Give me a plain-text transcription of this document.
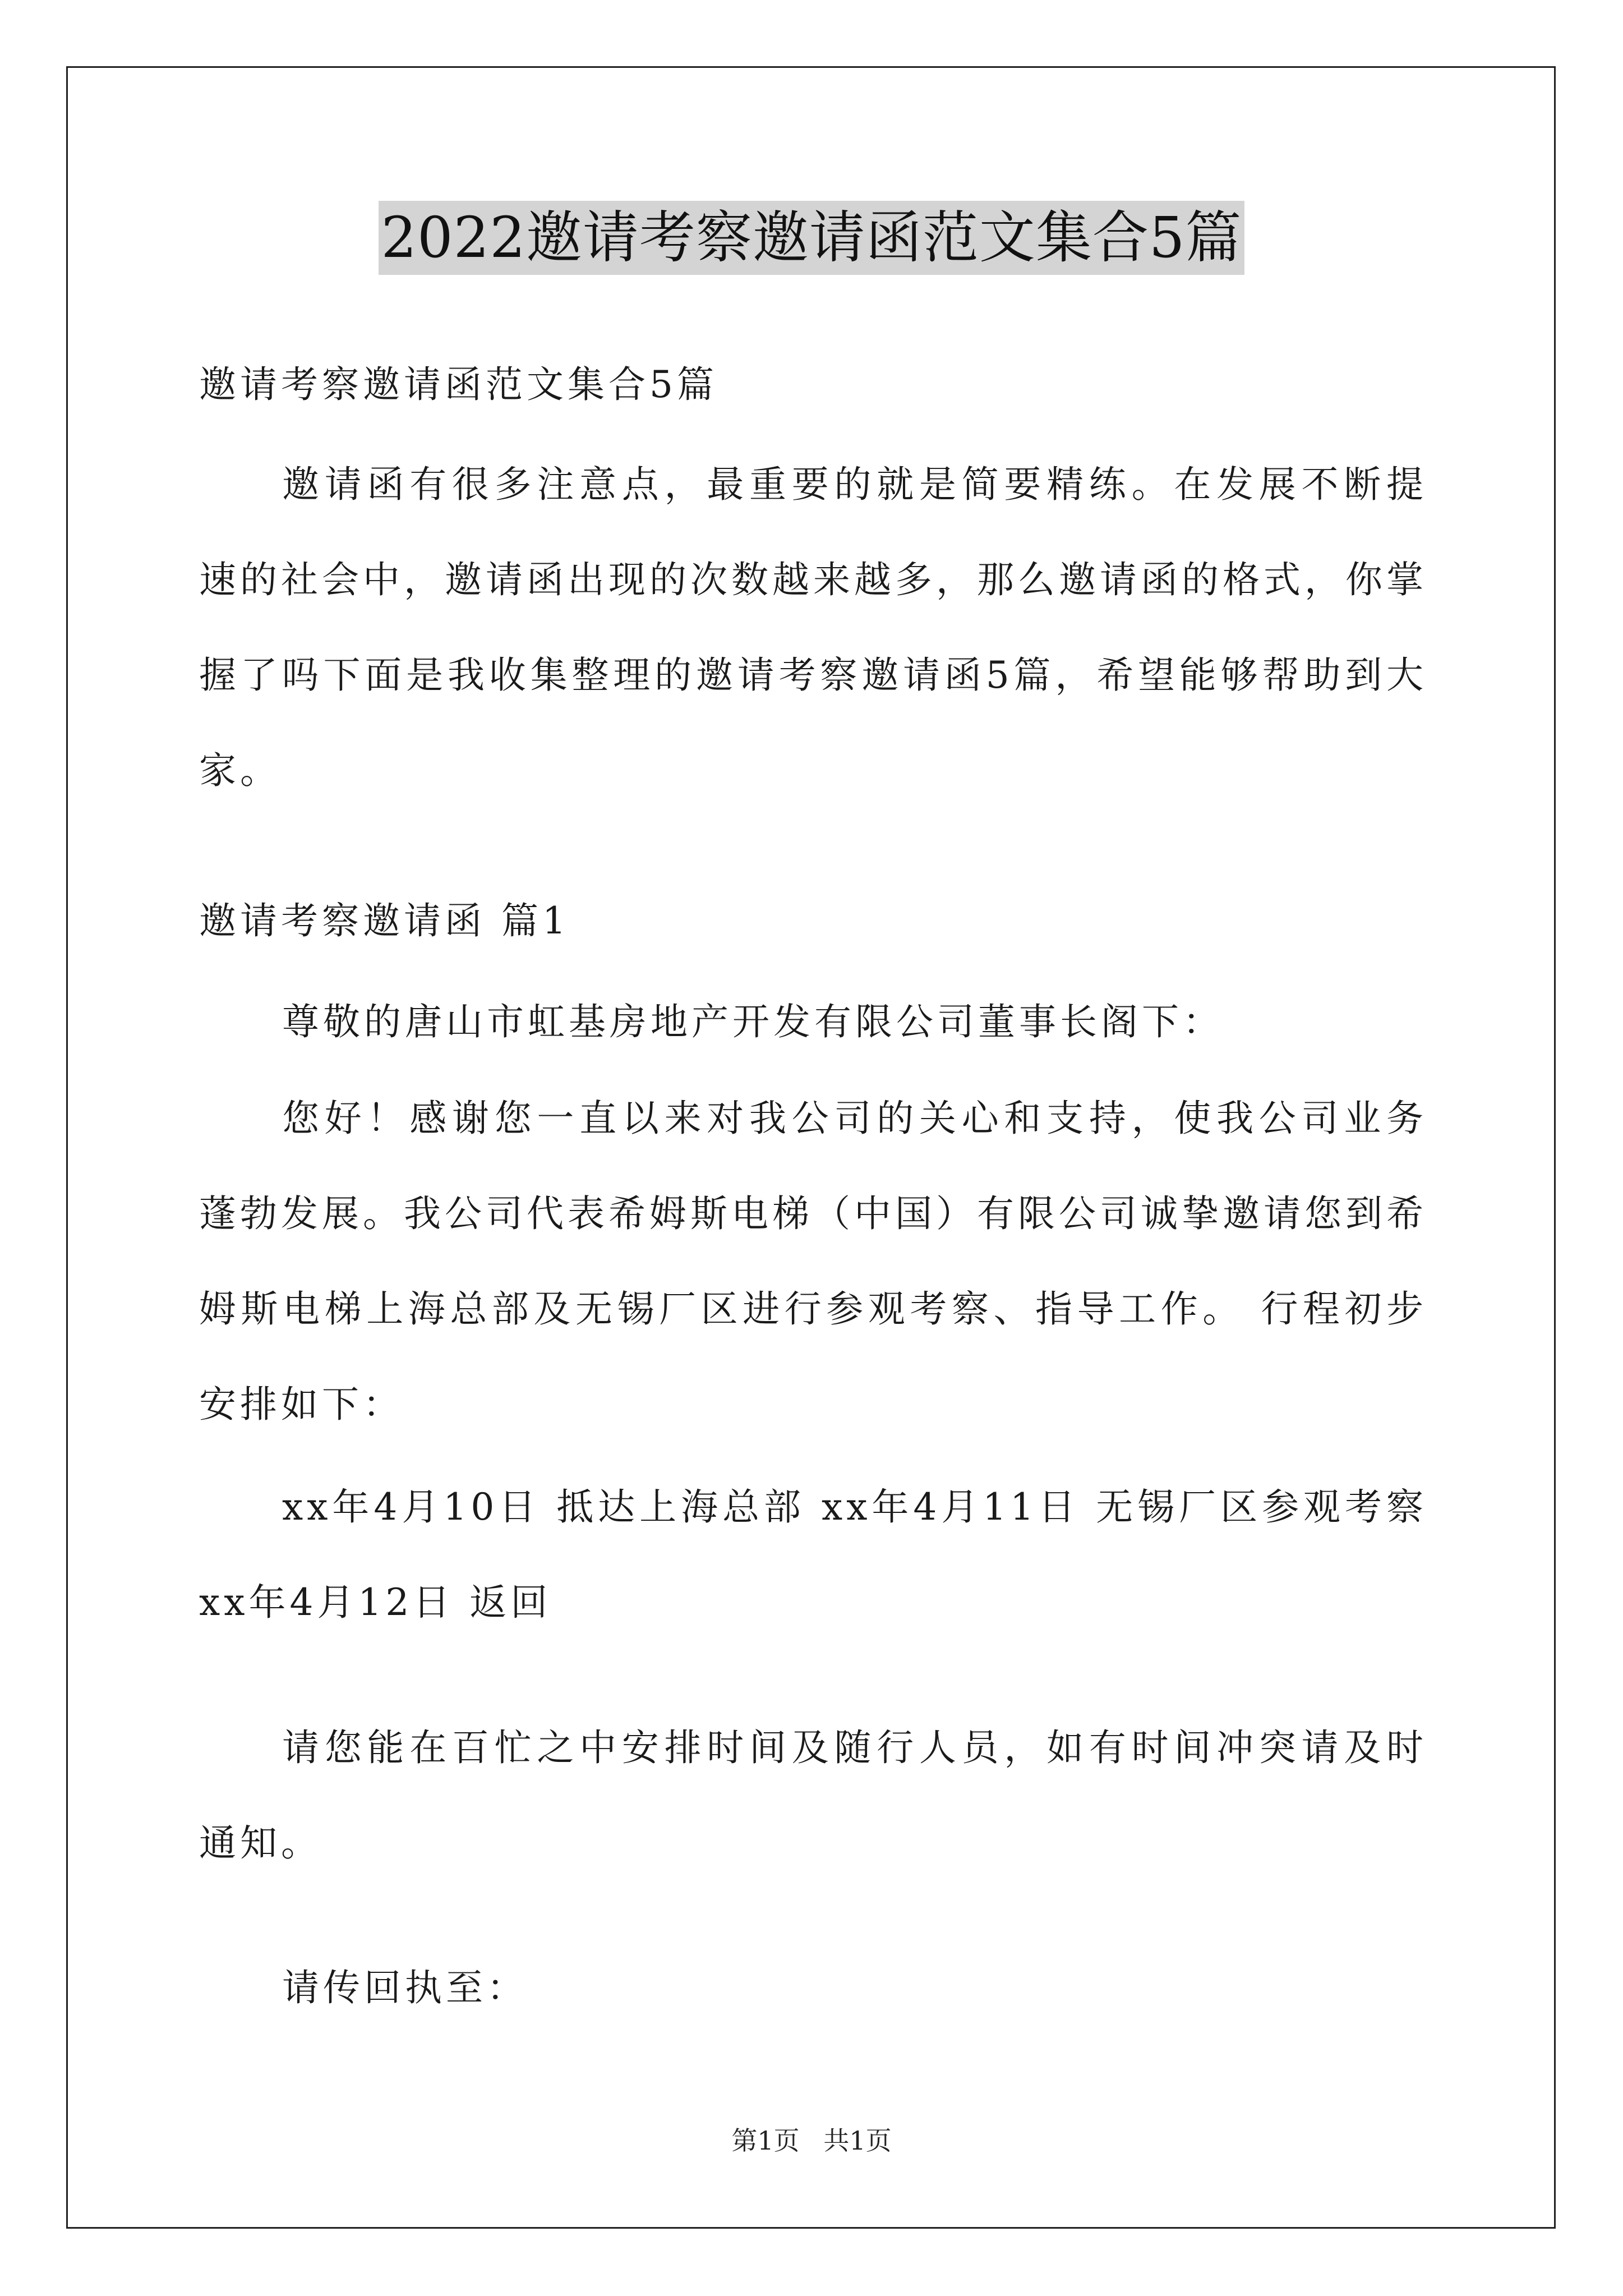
2022邀请考察邀请函范文集合5篇

邀请考察邀请函范文集合5篇

邀请函有很多注意点，最重要的就是简要精练。在发展不断提速的社会中，邀请函出现的次数越来越多，那么邀请函的格式，你掌握了吗下面是我收集整理的邀请考察邀请函5篇，希望能够帮助到大家。

邀请考察邀请函 篇1

尊敬的唐山市虹基房地产开发有限公司董事长阁下：

您好！感谢您一直以来对我公司的关心和支持，使我公司业务蓬勃发展。我公司代表希姆斯电梯（中国）有限公司诚挚邀请您到希姆斯电梯上海总部及无锡厂区进行参观考察、指导工作。 行程初步安排如下：

xx年4月10日 抵达上海总部 xx年4月11日 无锡厂区参观考察 xx年4月12日 返回

请您能在百忙之中安排时间及随行人员，如有时间冲突请及时通知。

请传回执至：

第1页 共1页
